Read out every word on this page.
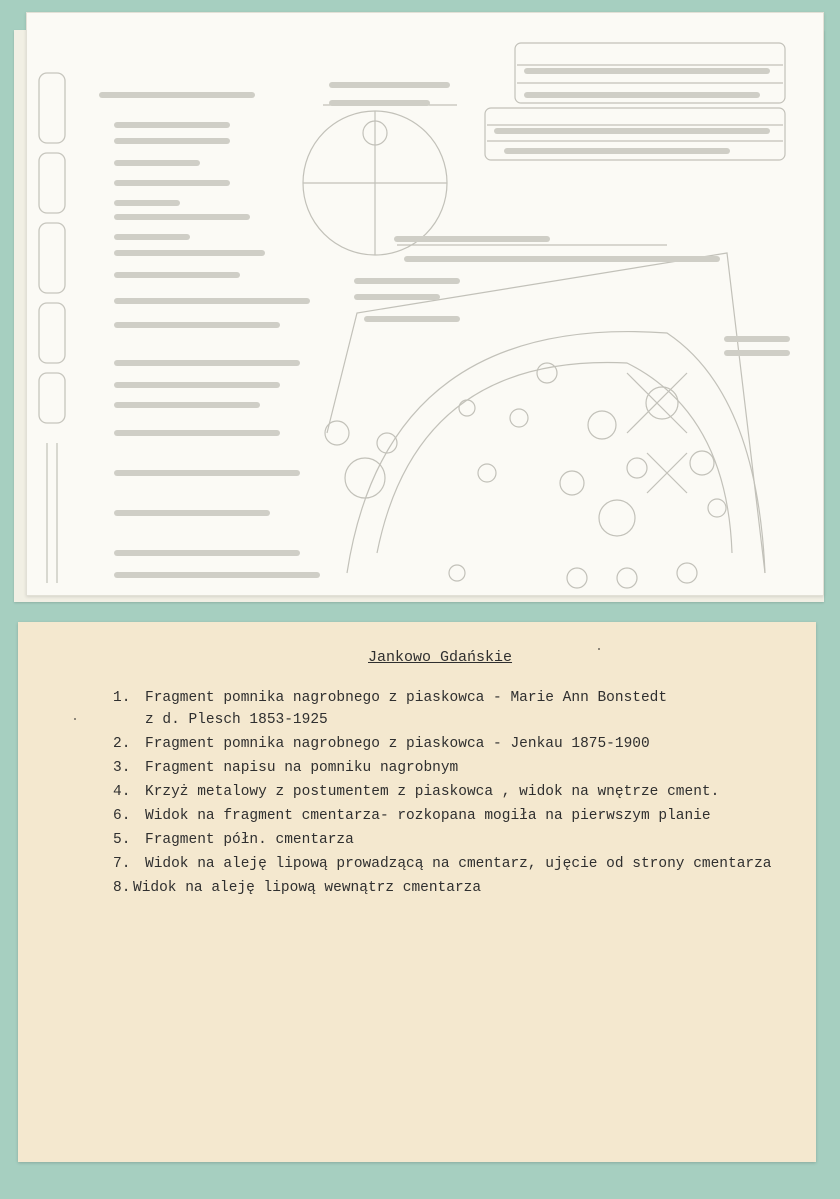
Jankowo Gdańskie
1.	Fragment pomnika nagrobnego z piaskowca - Marie Ann Bonstedt
z d. Plesch 1853-1925
2.	Fragment pomnika nagrobnego z piaskowca - Jenkau 1875-1900
3.	Fragment napisu na pomniku nagrobnym
4.	Krzyż metalowy z postumentem z piaskowca , widok na wnętrze cment.
6.	Widok na fragment cmentarza- rozkopana mogiła na pierwszym planie
5.	Fragment półn. cmentarza
7.	Widok na aleję lipową prowadzącą na cmentarz, ujęcie od strony cmentarza
8. Widok na aleję lipową wewnątrz cmentarza
